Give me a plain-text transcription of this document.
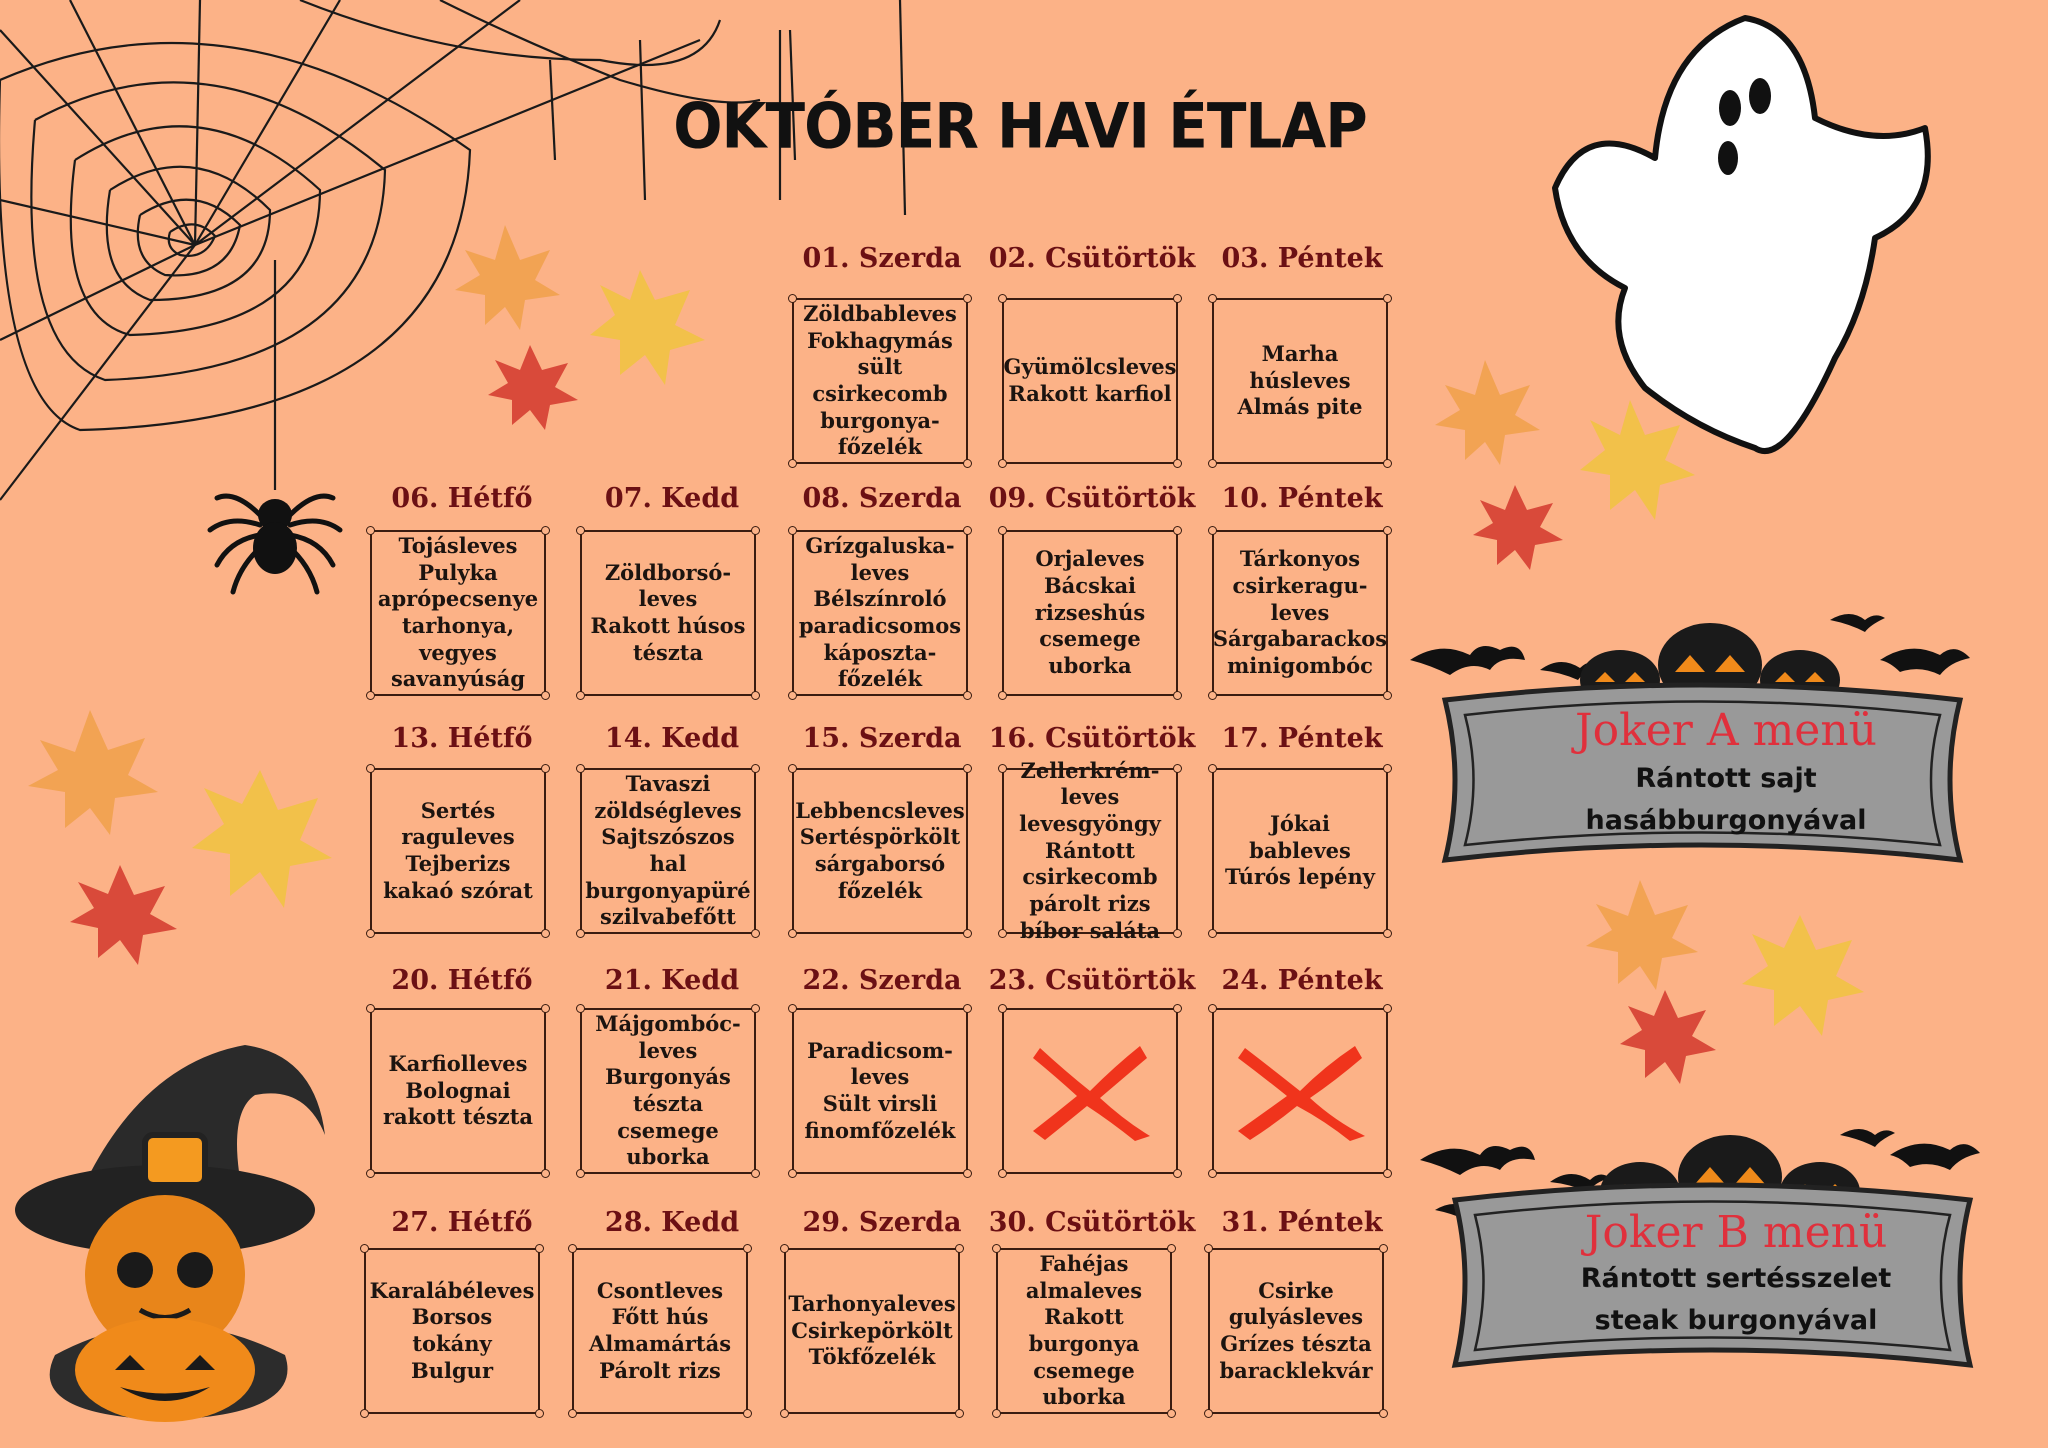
Joker A menü
Rántott sajt
hasábburgonyával
Joker B menü
Rántott sertésszelet
steak burgonyával
OKTÓBER HAVI ÉTLAP
01. Szerda
Zöldbableves
Fokhagymás
sült csirkecomb
burgonya-
főzelék
02. Csütörtök
Gyümölcsleves
Rakott karfiol
03. Péntek
Marha
húsleves
Almás pite
06. Hétfő
Tojásleves
Pulyka
aprópecsenye
tarhonya,
vegyes
savanyúság
07. Kedd
Zöldborsó-
leves
Rakott húsos
tészta
08. Szerda
Grízgaluska-
leves
Bélszínroló
paradicsomos
káposzta-
főzelék
09. Csütörtök
Orjaleves
Bácskai
rizseshús
csemege
uborka
10. Péntek
Tárkonyos
csirkeragu-
leves
Sárgabarackos
minigombóc
13. Hétfő
Sertés
raguleves
Tejberizs
kakaó szórat
14. Kedd
Tavaszi
zöldségleves
Sajtszószos hal
burgonyapüré
szilvabefőtt
15. Szerda
Lebbencsleves
Sertéspörkölt
sárgaborsó
főzelék
16. Csütörtök
Zellerkrém-
leves
levesgyöngy
Rántott
csirkecomb
párolt rizs
bíbor saláta
17. Péntek
Jókai bableves
Túrós lepény
20. Hétfő
Karfiolleves
Bolognai
rakott tészta
21. Kedd
Májgombóc-
leves
Burgonyás
tészta
csemege
uborka
22. Szerda
Paradicsom-
leves
Sült virsli
finomfőzelék
23. Csütörtök 24. Péntek
27. Hétfő
Karalábéleves
Borsos tokány
Bulgur
28. Kedd
Csontleves
Főtt hús
Almamártás
Párolt rizs
29. Szerda
Tarhonyaleves
Csirkepörkölt
Tökfőzelék
30. Csütörtök
Fahéjas
almaleves
Rakott
burgonya
csemege
uborka
31. Péntek
Csirke
gulyásleves
Grízes tészta
baracklekvár
